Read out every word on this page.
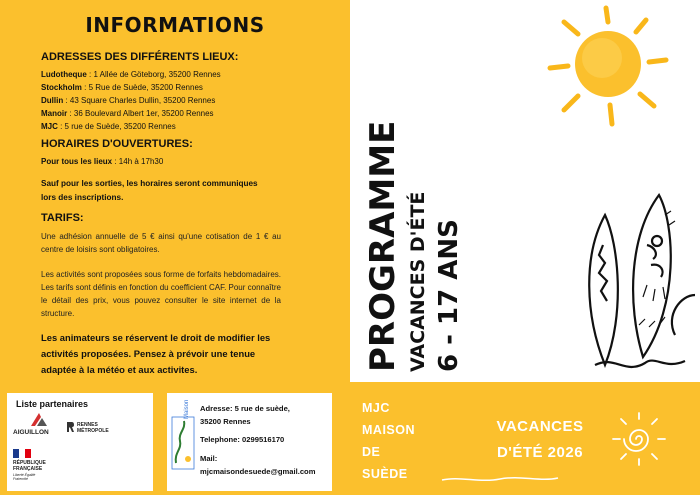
INFORMATIONS
ADRESSES DES DIFFÉRENTS LIEUX:
Ludotheque : 1 Allée de Göteborg, 35200 Rennes
Stockholm : 5 Rue de Suède, 35200 Rennes
Dullin : 43 Square Charles Dullin, 35200 Rennes
Manoir : 36 Boulevard Albert 1er, 35200 Rennes
MJC : 5 rue de Suède, 35200 Rennes
HORAIRES D'OUVERTURES:
Pour tous les lieux : 14h à 17h30
Sauf pour les sorties, les horaires seront communiques
lors des inscriptions.
TARIFS:
Une adhésion annuelle de 5 € ainsi qu'une cotisation de 1 € au centre de loisirs sont obligatoires.
Les activités sont proposées sous forme de forfaits hebdomadaires. Les tarifs sont définis en fonction du coefficient CAF. Pour connaître le détail des prix, vous pouvez consulter le site internet de la structure.
Les animateurs se réservent le droit de modifier les activités proposées. Pensez à prévoir une tenue adaptée à la météo et aux activites.
Liste partenaires
AIGUILLON
RENNES
MÉTROPOLE
RÉPUBLIQUE
FRANÇAISE
Liberté Égalité Fraternité
Maison Adresse: 5 rue de suède,
35200 Rennes
Telephone: 0299516170
Mail:
mjcmaisondesuede@gmail.com
PROGRAMME VACANCES D'ÉTÉ 6 - 17 ANS
MJC
MAISON
DE
SUÈDE
VACANCES
D'ÉTÉ 2026
